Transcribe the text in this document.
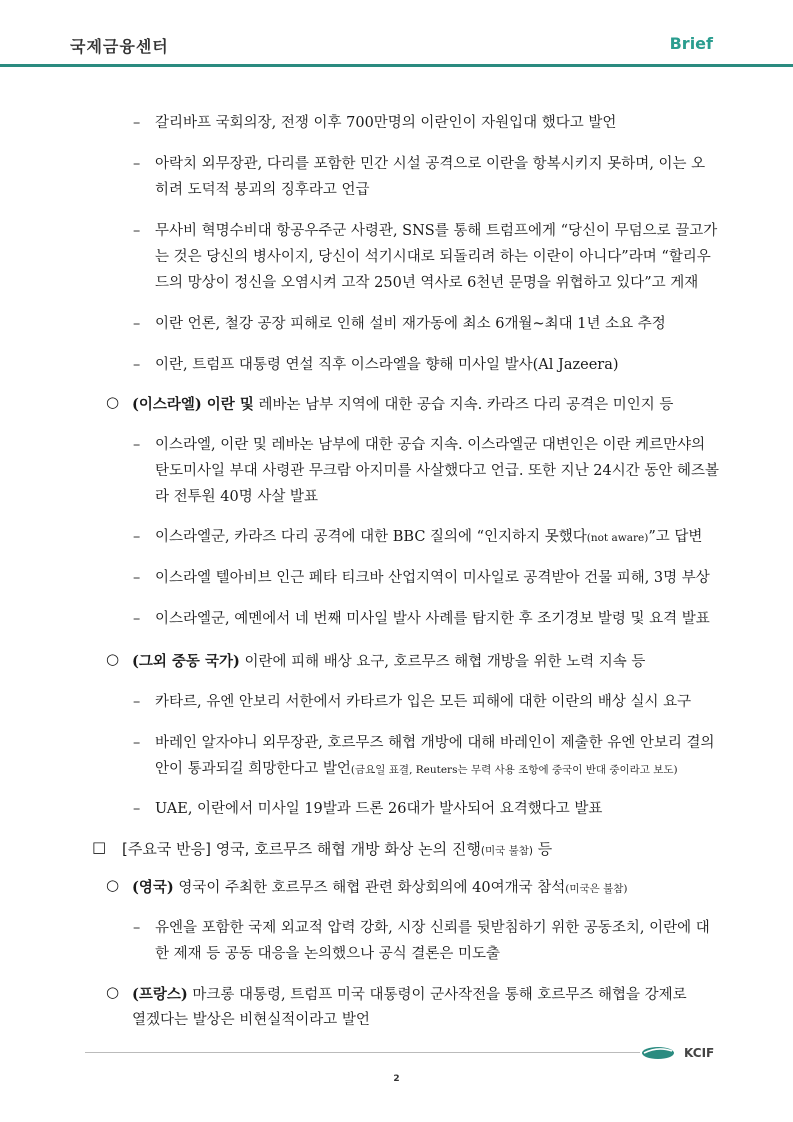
국제금융센터	Brief
– 갈리바프 국회의장, 전쟁 이후 700만명의 이란인이 자원입대 했다고 발언
– 아락치 외무장관, 다리를 포함한 민간 시설 공격으로 이란을 항복시키지 못하며, 이는 오
히려 도덕적 붕괴의 징후라고 언급
– 무사비 혁명수비대 항공우주군 사령관, SNS를 통해 트럼프에게 “당신이 무덤으로 끌고가
는 것은 당신의 병사이지, 당신이 석기시대로 되돌리려 하는 이란이 아니다”라며 “할리우
드의 망상이 정신을 오염시켜 고작 250년 역사로 6천년 문명을 위협하고 있다”고 게재
– 이란 언론, 철강 공장 피해로 인해 설비 재가동에 최소 6개월~최대 1년 소요 추정
– 이란, 트럼프 대통령 연설 직후 이스라엘을 향해 미사일 발사(Al Jazeera)
○ (이스라엘) 이란 및 레바논 남부 지역에 대한 공습 지속. 카라즈 다리 공격은 미인지 등
– 이스라엘, 이란 및 레바논 남부에 대한 공습 지속. 이스라엘군 대변인은 이란 케르만샤의
탄도미사일 부대 사령관 무크람 아지미를 사살했다고 언급. 또한 지난 24시간 동안 헤즈볼
라 전투원 40명 사살 발표
– 이스라엘군, 카라즈 다리 공격에 대한 BBC 질의에 “인지하지 못했다(not aware)”고 답변
– 이스라엘 텔아비브 인근 페타 티크바 산업지역이 미사일로 공격받아 건물 피해, 3명 부상
– 이스라엘군, 예멘에서 네 번째 미사일 발사 사례를 탐지한 후 조기경보 발령 및 요격 발표
○ (그외 중동 국가) 이란에 피해 배상 요구, 호르무즈 해협 개방을 위한 노력 지속 등
– 카타르, 유엔 안보리 서한에서 카타르가 입은 모든 피해에 대한 이란의 배상 실시 요구
– 바레인 알자야니 외무장관, 호르무즈 해협 개방에 대해 바레인이 제출한 유엔 안보리 결의
안이 통과되길 희망한다고 발언(금요일 표결, Reuters는 무력 사용 조항에 중국이 반대 중이라고 보도)
– UAE, 이란에서 미사일 19발과 드론 26대가 발사되어 요격했다고 발표
□ [주요국 반응] 영국, 호르무즈 해협 개방 화상 논의 진행(미국 불참) 등
○ (영국) 영국이 주최한 호르무즈 해협 관련 화상회의에 40여개국 참석(미국은 불참)
– 유엔을 포함한 국제 외교적 압력 강화, 시장 신뢰를 뒷받침하기 위한 공동조치, 이란에 대
한 제재 등 공동 대응을 논의했으나 공식 결론은 미도출
○ (프랑스) 마크롱 대통령, 트럼프 미국 대통령이 군사작전을 통해 호르무즈 해협을 강제로
열겠다는 발상은 비현실적이라고 발언
KCIF
2
